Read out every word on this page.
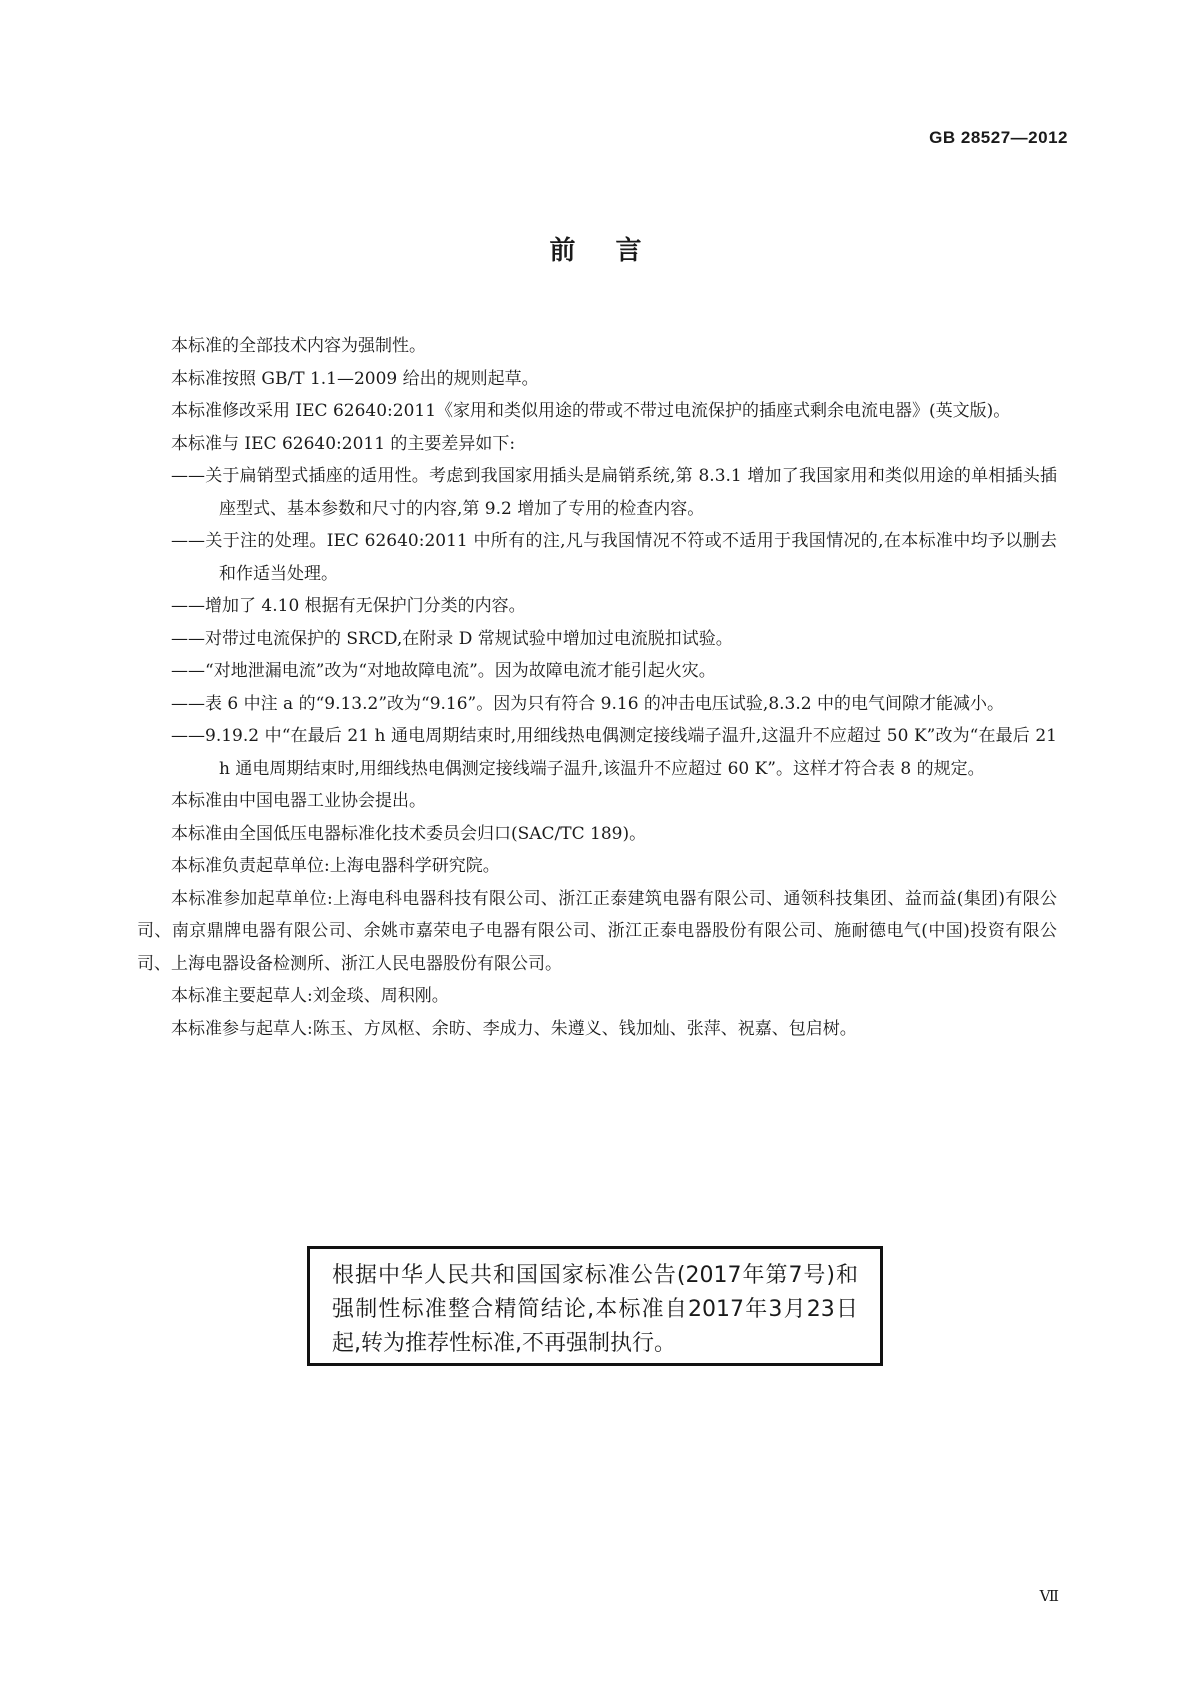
GB 28527—2012
前言

本标准的全部技术内容为强制性。

本标准按照 GB/T 1.1—2009 给出的规则起草。

本标准修改采用 IEC 62640:2011《家用和类似用途的带或不带过电流保护的插座式剩余电流电器》(英文版)。

本标准与 IEC 62640:2011 的主要差异如下:

——关于扁销型式插座的适用性。考虑到我国家用插头是扁销系统,第 8.3.1 增加了我国家用和类似用途的单相插头插座型式、基本参数和尺寸的内容,第 9.2 增加了专用的检查内容。

——关于注的处理。IEC 62640:2011 中所有的注,凡与我国情况不符或不适用于我国情况的,在本标准中均予以删去和作适当处理。

——增加了 4.10 根据有无保护门分类的内容。

——对带过电流保护的 SRCD,在附录 D 常规试验中增加过电流脱扣试验。

——“对地泄漏电流”改为“对地故障电流”。因为故障电流才能引起火灾。

——表 6 中注 a 的“9.13.2”改为“9.16”。因为只有符合 9.16 的冲击电压试验,8.3.2 中的电气间隙才能减小。

——9.19.2 中“在最后 21 h 通电周期结束时,用细线热电偶测定接线端子温升,这温升不应超过 50 K”改为“在最后 21 h 通电周期结束时,用细线热电偶测定接线端子温升,该温升不应超过 60 K”。这样才符合表 8 的规定。

本标准由中国电器工业协会提出。

本标准由全国低压电器标准化技术委员会归口(SAC/TC 189)。

本标准负责起草单位:上海电器科学研究院。

本标准参加起草单位:上海电科电器科技有限公司、浙江正泰建筑电器有限公司、通领科技集团、益而益(集团)有限公司、南京鼎牌电器有限公司、余姚市嘉荣电子电器有限公司、浙江正泰电器股份有限公司、施耐德电气(中国)投资有限公司、上海电器设备检测所、浙江人民电器股份有限公司。

本标准主要起草人:刘金琰、周积刚。

本标准参与起草人:陈玉、方凤枢、余昉、李成力、朱遵义、钱加灿、张萍、祝嘉、包启树。

根据中华人民共和国国家标准公告(2017年第7号)和强制性标准整合精简结论,本标准自2017年3月23日起,转为推荐性标准,不再强制执行。
Ⅶ
